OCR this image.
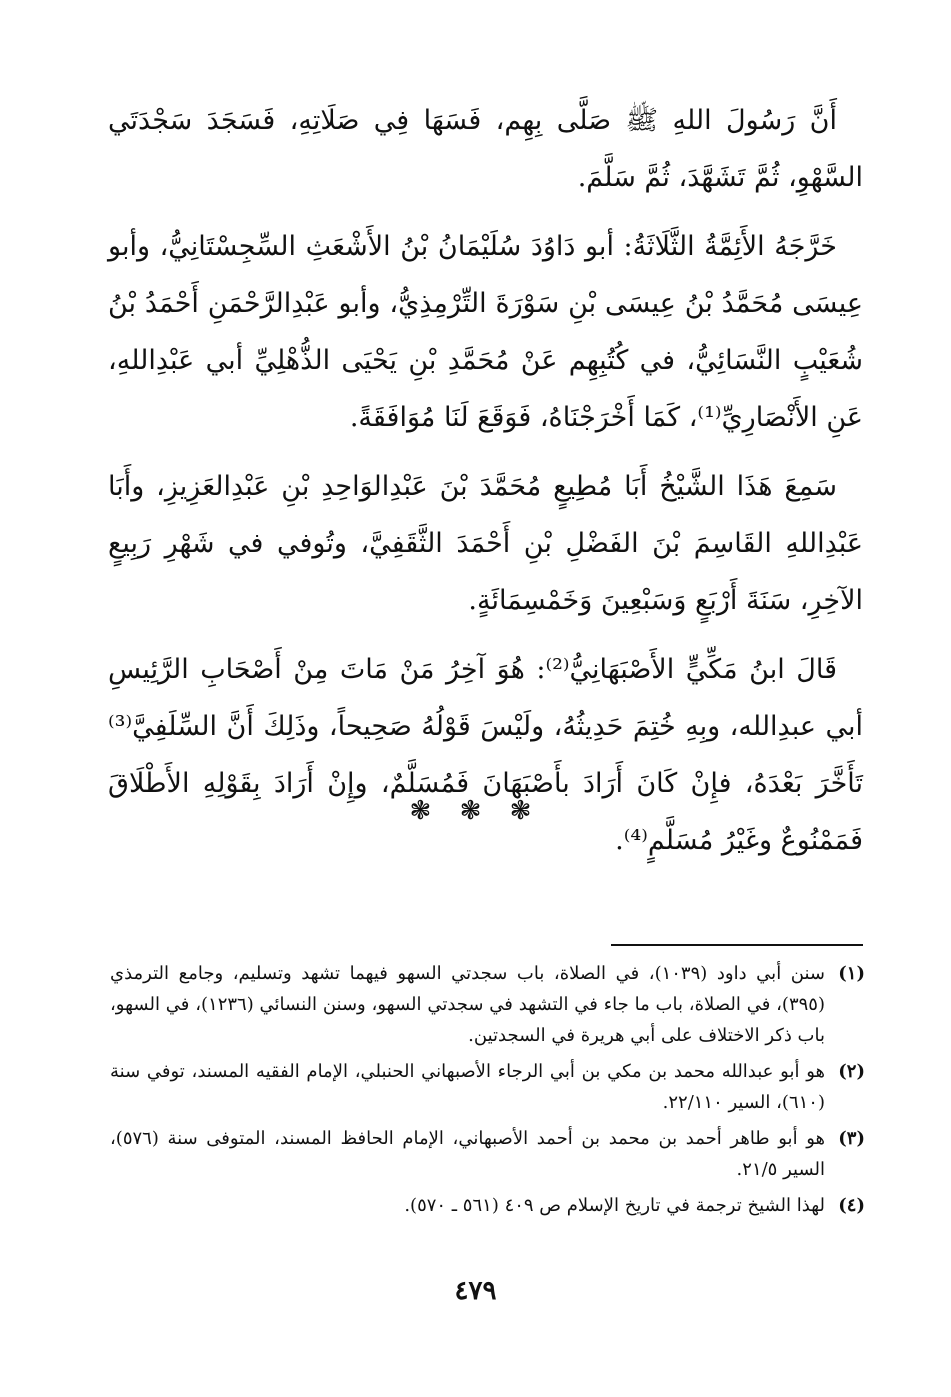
أَنَّ رَسُولَ اللهِ ﷺ صَلَّى بِهِم، فَسَهَا فِي صَلَاتِهِ، فَسَجَدَ سَجْدَتَي السَّهْوِ، ثُمَّ تَشَهَّدَ، ثُمَّ سَلَّمَ.

خَرَّجَهُ الأَئِمَّةُ الثَّلَاثَةُ: أبو دَاوُدَ سُلَيْمَانُ بْنُ الأَشْعَثِ السِّجِسْتَانِيُّ، وأبو عِيسَى مُحَمَّدُ بْنُ عِيسَى بْنِ سَوْرَةَ التِّرْمِذِيُّ، وأبو عَبْدِالرَّحْمَنِ أَحْمَدُ بْنُ شُعَيْبٍ النَّسَائِيُّ، في كُتُبِهِم عَنْ مُحَمَّدِ بْنِ يَحْيَى الذُّهْلِيِّ أبي عَبْدِاللهِ، عَنِ الأَنْصَارِيِّ⁽¹⁾، كَمَا أَخْرَجْنَاهُ، فَوَقَعَ لَنَا مُوَافَقَةً.

سَمِعَ هَذَا الشَّيْخُ أَبَا مُطِيعٍ مُحَمَّدَ بْنَ عَبْدِالوَاحِدِ بْنِ عَبْدِالعَزِيزِ، وأَبَا عَبْدِاللهِ القَاسِمَ بْنَ الفَضْلِ بْنِ أَحْمَدَ الثَّقَفِيَّ، وتُوفي في شَهْرِ رَبِيعٍ الآخِرِ، سَنَةَ أَرْبَعٍ وَسَبْعِينَ وَخَمْسِمَائَةٍ.

قَالَ ابنُ مَكِّيٍّ الأَصْبَهَانِيُّ⁽²⁾: هُوَ آخِرُ مَنْ مَاتَ مِنْ أَصْحَابِ الرَّئِيسِ أبي عبدِالله، وبِهِ خُتِمَ حَدِيثُهُ، ولَيْسَ قَوْلُهُ صَحِيحاً، وذَلِكَ أَنَّ السِّلَفِيَّ⁽³⁾ تَأَخَّرَ بَعْدَهُ، فإِنْ كَانَ أَرَادَ بأَصْبَهَانَ فَمُسَلَّمٌ، وإِنْ أَرَادَ بِقَوْلِهِ الأَطْلَاقَ فَمَمْنُوعٌ وغَيْرُ مُسَلَّمٍ⁽⁴⁾.

❃ ❃ ❃
(١)
سنن أبي داود (١٠٣٩)، في الصلاة، باب سجدتي السهو فيهما تشهد وتسليم، وجامع الترمذي (٣٩٥)، في الصلاة، باب ما جاء في التشهد في سجدتي السهو، وسنن النسائي (١٢٣٦)، في السهو، باب ذكر الاختلاف على أبي هريرة في السجدتين.
(٢)
هو أبو عبدالله محمد بن مكي بن أبي الرجاء الأصبهاني الحنبلي، الإمام الفقيه المسند، توفي سنة (٦١٠)، السير ٢٢/١١٠.
(٣)
هو أبو طاهر أحمد بن محمد بن أحمد الأصبهاني، الإمام الحافظ المسند، المتوفى سنة (٥٧٦)، السير ٢١/٥.
(٤)
لهذا الشيخ ترجمة في تاريخ الإسلام ص ٤٠٩ (٥٦١ ـ ٥٧٠).
٤٧٩
